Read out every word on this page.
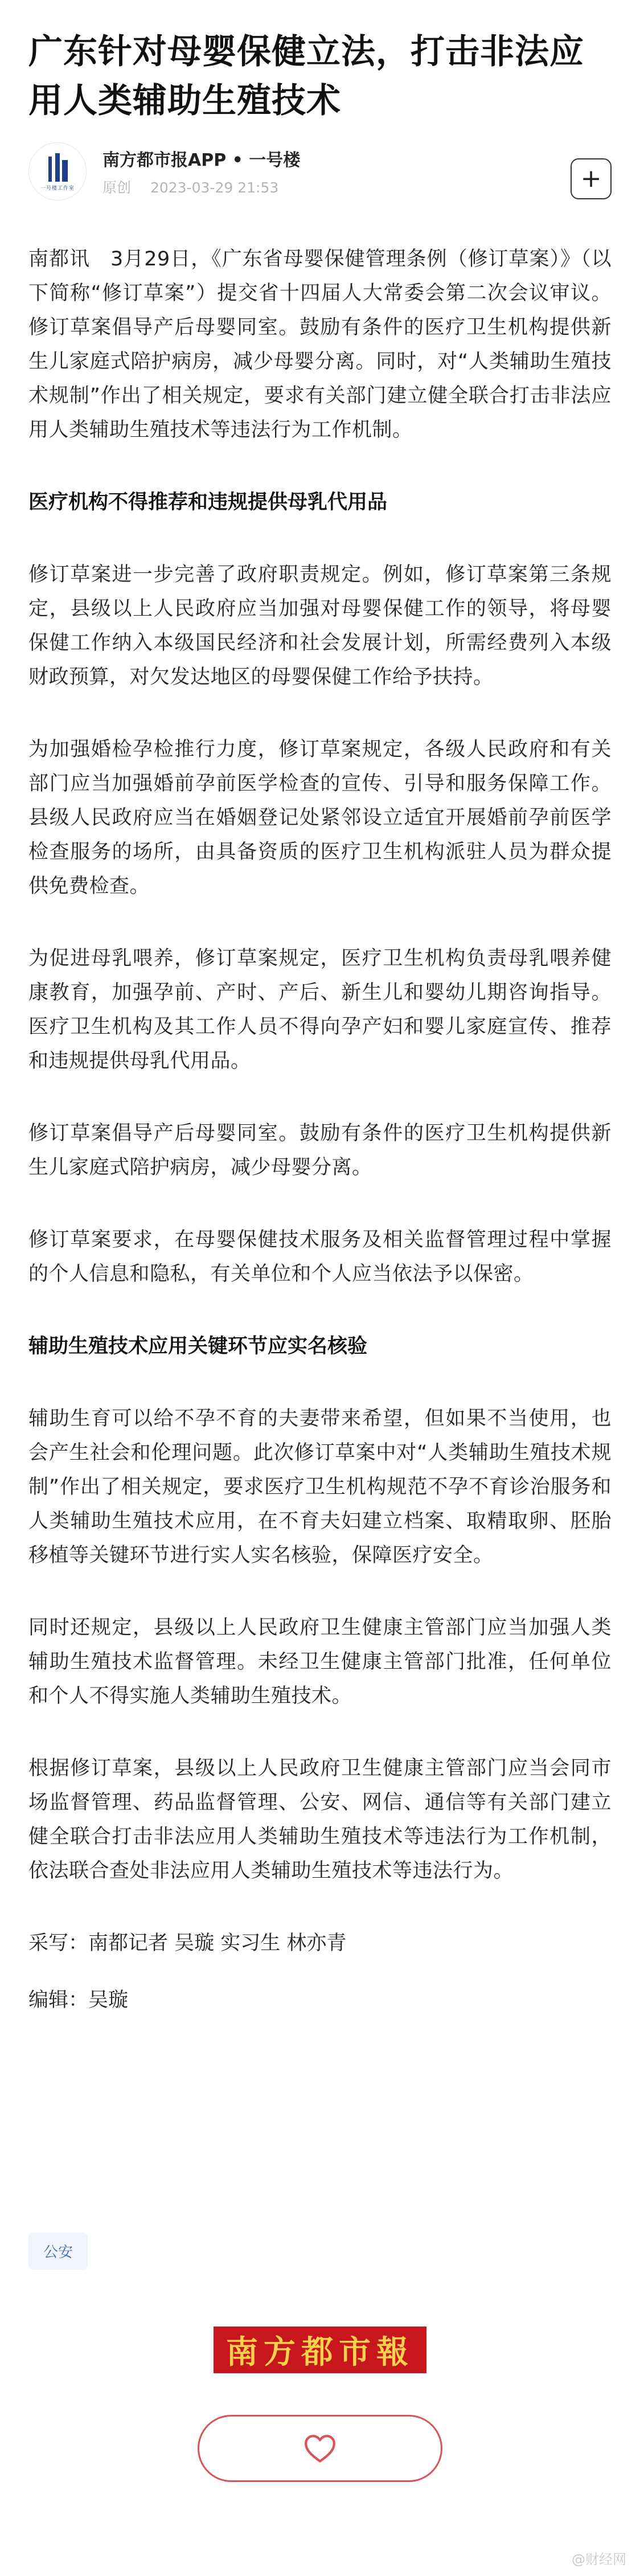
广东针对母婴保健立法，打击非法应用人类辅助生殖技术
一号楼工作室
南方都市报APP • 一号楼
原创 2023-03-29 21:53	+

南都讯　3月29日，《广东省母婴保健管理条例（修订草案）》（以下简称“修订草案”）提交省十四届人大常委会第二次会议审议。修订草案倡导产后母婴同室。鼓励有条件的医疗卫生机构提供新生儿家庭式陪护病房，减少母婴分离。同时，对“人类辅助生殖技术规制”作出了相关规定，要求有关部门建立健全联合打击非法应用人类辅助生殖技术等违法行为工作机制。

医疗机构不得推荐和违规提供母乳代用品

修订草案进一步完善了政府职责规定。例如，修订草案第三条规定，县级以上人民政府应当加强对母婴保健工作的领导，将母婴保健工作纳入本级国民经济和社会发展计划，所需经费列入本级财政预算，对欠发达地区的母婴保健工作给予扶持。

为加强婚检孕检推行力度，修订草案规定，各级人民政府和有关部门应当加强婚前孕前医学检查的宣传、引导和服务保障工作。县级人民政府应当在婚姻登记处紧邻设立适宜开展婚前孕前医学检查服务的场所，由具备资质的医疗卫生机构派驻人员为群众提供免费检查。

为促进母乳喂养，修订草案规定，医疗卫生机构负责母乳喂养健康教育，加强孕前、产时、产后、新生儿和婴幼儿期咨询指导。医疗卫生机构及其工作人员不得向孕产妇和婴儿家庭宣传、推荐和违规提供母乳代用品。

修订草案倡导产后母婴同室。鼓励有条件的医疗卫生机构提供新生儿家庭式陪护病房，减少母婴分离。

修订草案要求，在母婴保健技术服务及相关监督管理过程中掌握的个人信息和隐私，有关单位和个人应当依法予以保密。

辅助生殖技术应用关键环节应实名核验

辅助生育可以给不孕不育的夫妻带来希望，但如果不当使用，也会产生社会和伦理问题。此次修订草案中对“人类辅助生殖技术规制”作出了相关规定，要求医疗卫生机构规范不孕不育诊治服务和人类辅助生殖技术应用，在不育夫妇建立档案、取精取卵、胚胎移植等关键环节进行实人实名核验，保障医疗安全。

同时还规定，县级以上人民政府卫生健康主管部门应当加强人类辅助生殖技术监督管理。未经卫生健康主管部门批准，任何单位和个人不得实施人类辅助生殖技术。

根据修订草案，县级以上人民政府卫生健康主管部门应当会同市场监督管理、药品监督管理、公安、网信、通信等有关部门建立健全联合打击非法应用人类辅助生殖技术等违法行为工作机制，依法联合查处非法应用人类辅助生殖技术等违法行为。

采写：南都记者 吴璇 实习生 林亦青

编辑：吴璇

公安
南方都市報
@财经网
